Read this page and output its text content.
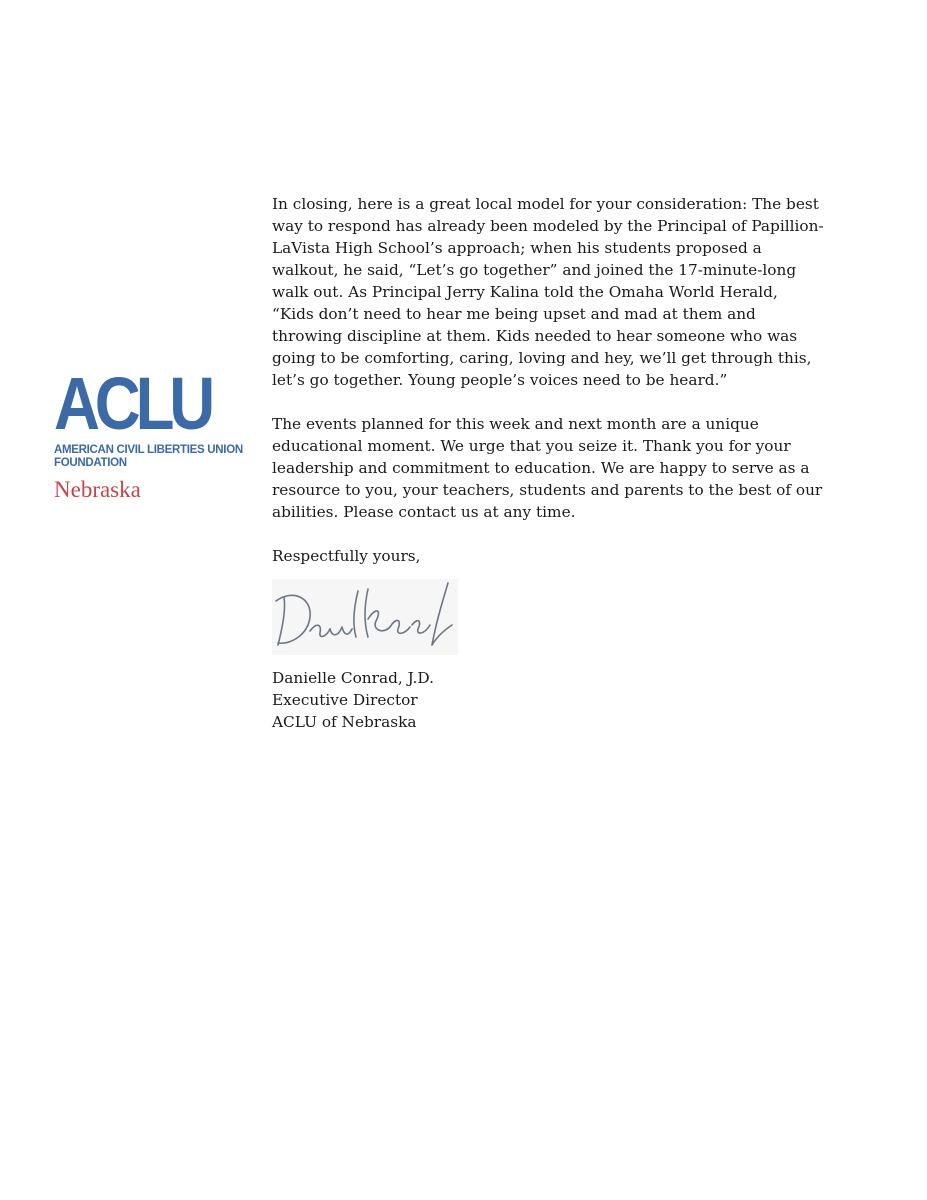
ACLU
AMERICAN CIVIL LIBERTIES UNION
FOUNDATION
Nebraska

In closing, here is a great local model for your consideration: The best
way to respond has already been modeled by the Principal of Papillion-
LaVista High School’s approach; when his students proposed a
walkout, he said, “Let’s go together” and joined the 17-minute-long
walk out. As Principal Jerry Kalina told the Omaha World Herald,
“Kids don’t need to hear me being upset and mad at them and
throwing discipline at them. Kids needed to hear someone who was
going to be comforting, caring, loving and hey, we’ll get through this,
let’s go together. Young people’s voices need to be heard.”

The events planned for this week and next month are a unique
educational moment. We urge that you seize it. Thank you for your
leadership and commitment to education. We are happy to serve as a
resource to you, your teachers, students and parents to the best of our
abilities. Please contact us at any time.

Respectfully yours,

Danielle Conrad, J.D.
Executive Director
ACLU of Nebraska
